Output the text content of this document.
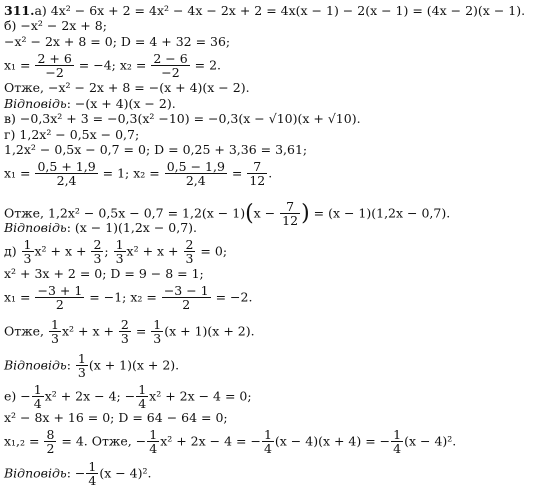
311.а) 4x² − 6x + 2 = 4x² − 4x − 2x + 2 = 4x(x − 1) − 2(x − 1) = (4x − 2)(x − 1).
б) −x² − 2x + 8;
−x² − 2x + 8 = 0; D = 4 + 32 = 36;
$x_1 = \frac{2 + 6}{-2} = -4$; $x_2 = \frac{2 - 6}{-2} = 2$.
Отже, −x² − 2x + 8 = −(x + 4)(x − 2).
Відповідь: −(x + 4)(x − 2).
в) −0,3x² + 3 = −0,3(x² −10) = −0,3(x − √10)(x + √10).
г) 1,2x² − 0,5x − 0,7;
1,2x² − 0,5x − 0,7 = 0; D = 0,25 + 3,36 = 3,61;
$x_1 = \frac{0,5 + 1,9}{2,4} = 1$; $x_2 = \frac{0,5 - 1,9}{2,4} = \frac{7}{12}$ .
Отже, $1,2x^2 - 0,5x - 0,7 = 1,2(x - 1)(x - \frac{7}{12}$ ) = (x − 1)(1,2x − 0,7).
Відповідь: (x − 1)(1,2x − 0,7).
$д) \frac{1}{3} x^2 + x + \frac{2}{3}$ ; $\frac{1}{3} x^2 + x + \frac{2}{3} = 0$;
x² + 3x + 2 = 0; D = 9 − 8 = 1;
$x_1 = \frac{-3 + 1}{2} = -1$; $x_2 = \frac{-3 - 1}{2} = -2$.
Отже, $\frac{1}{3} x^2 + x + \frac{2}{3} = \frac{1}{3} (x + 1)(x + 2)$.
Відповідь: $\frac{1}{3} (x + 1)(x + 2)$.
$е) - \frac{1}{4} x^2 + 2x - 4$; − $\frac{1}{4} x^2 + 2x - 4 = 0$;
x² − 8x + 16 = 0; D = 64 − 64 = 0;
$x_1,_2 = \frac{8}{2} = 4$. Отже, − $\frac{1}{4} x^2 + 2x - 4$ = − $\frac{1}{4} (x - 4)(x + 4)$ = − $\frac{1}{4} (x - 4)^2$.
Відповідь: − $\frac{1}{4} (x - 4)^2$.
